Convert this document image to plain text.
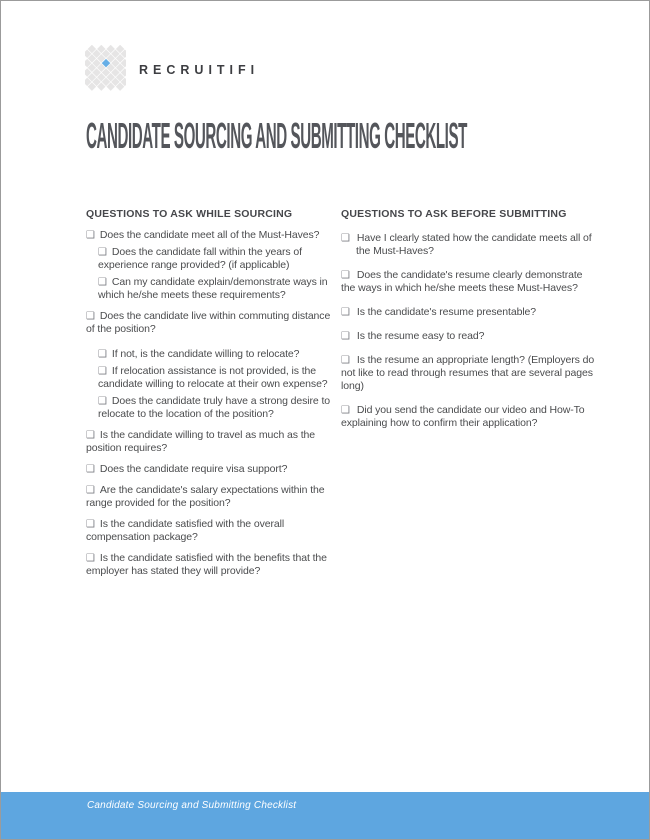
RECRUITIFI
CANDIDATE SOURCING AND SUBMITTING CHECKLIST
QUESTIONS TO ASK WHILE SOURCING
❑ Does the candidate meet all of the Must-Haves?
❑ Does the candidate fall within the years of experience range provided? (if applicable)
❑ Can my candidate explain/demonstrate ways in which he/she meets these requirements?
❑ Does the candidate live within commuting distance of the position?
❑ If not, is the candidate willing to relocate?
❑ If relocation assistance is not provided, is the candidate willing to relocate at their own expense?
❑ Does the candidate truly have a strong desire to relocate to the location of the position?
❑ Is the candidate willing to travel as much as the position requires?
❑ Does the candidate require visa support?
❑ Are the candidate's salary expectations within the range provided for the position?
❑ Is the candidate satisfied with the overall compensation package?
❑ Is the candidate satisfied with the benefits that the employer has stated they will provide?
QUESTIONS TO ASK BEFORE SUBMITTING
❑ Have I clearly stated how the candidate meets all of the Must-Haves?
❑ Does the candidate's resume clearly demonstrate the ways in which he/she meets these Must-Haves?
❑ Is the candidate's resume presentable?
❑ Is the resume easy to read?
❑ Is the resume an appropriate length? (Employers do not like to read through resumes that are several pages long)
❑ Did you send the candidate our video and How-To explaining how to confirm their application?
Candidate Sourcing and Submitting Checklist
